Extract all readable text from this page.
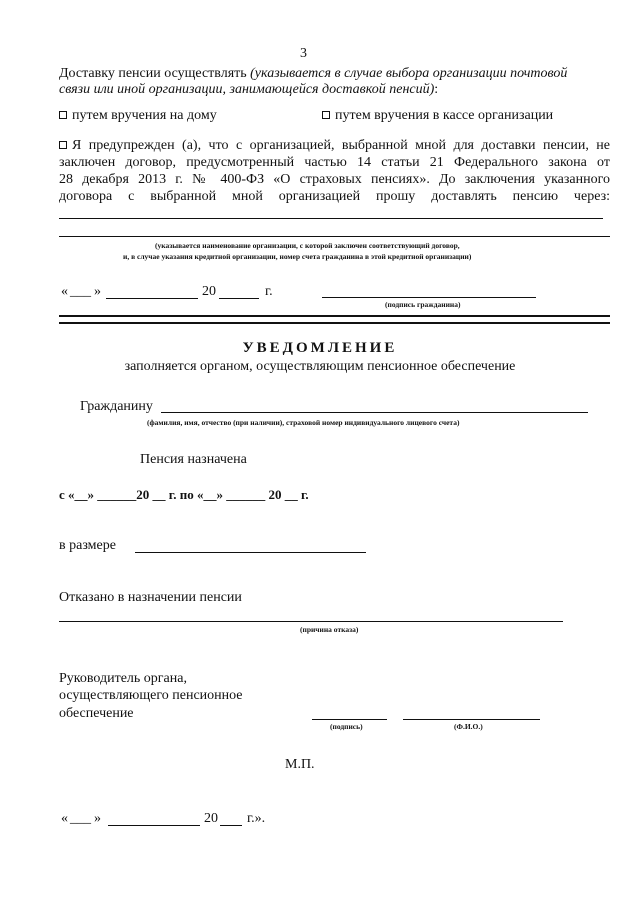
3
Доставку пенсии осуществлять (указывается в случае выбора организации почтовой
связи или иной организации, занимающейся доставкой пенсий):
путем вручения на дому	путем вручения в кассе организации
Я предупрежден (а), что с организацией, выбранной мной для доставки пенсии, не
заключен договор, предусмотренный частью 14 статьи 21 Федерального закона от
28 декабря 2013 г. № 400-ФЗ «О страховых пенсиях». До заключения указанного
договора с выбранной мной организацией прошу доставлять пенсию через:
(указывается наименование организации, с которой заключен соответствующий договор,
и, в случае указания кредитной организации, номер счета гражданина в этой кредитной организации)
« ___ »	20	г.
(подпись гражданина)
УВЕДОМЛЕНИЕ
заполняется органом, осуществляющим пенсионное обеспечение
Гражданину
(фамилия, имя, отчество (при наличии), страховой номер индивидуального лицевого счета)
Пенсия назначена
с «__» ______20 __ г. по «__» ______ 20 __ г.
в размере
Отказано в назначении пенсии
(причина отказа)
Руководитель органа,
осуществляющего пенсионное
обеспечение
(подпись)	(Ф.И.О.)
М.П.
« ___ »	20 г.».
